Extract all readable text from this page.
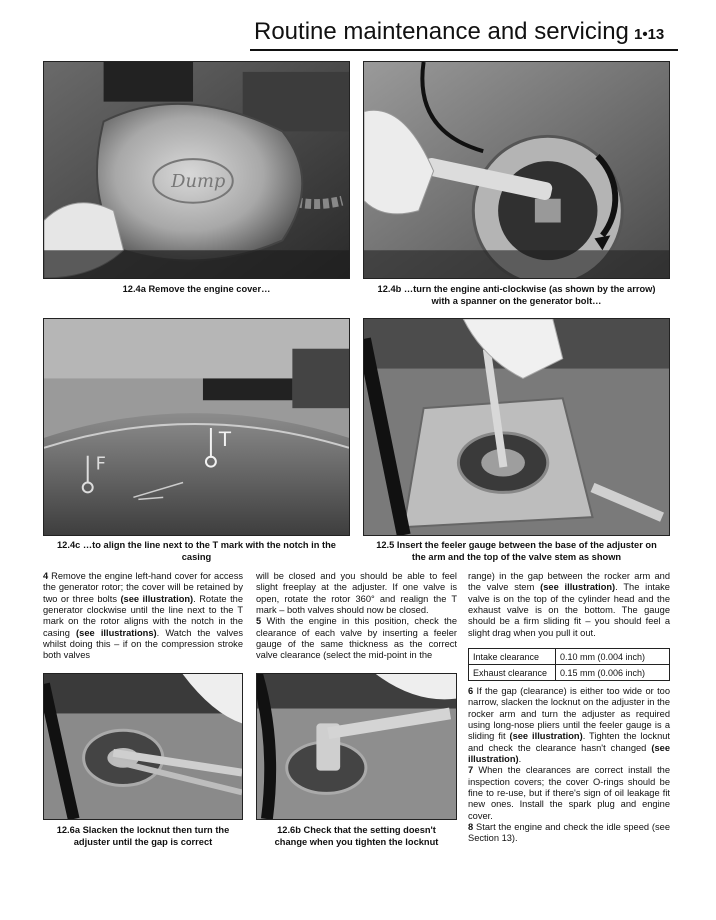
Routine maintenance and servicing 1•13
Dump
12.4a Remove the engine cover…	12.4b …turn the engine anti-clockwise (as shown by the arrow)
with a spanner on the generator bolt…
T
F
12.4c …to align the line next to the T mark with the notch in the
casing
12.5 Insert the feeler gauge between the base of the adjuster on
the arm and the top of the valve stem as shown

4 Remove the engine left-hand cover for access the generator rotor; the cover will be retained by two or three bolts (see illustration). Rotate the generator clockwise until the line next to the T mark on the rotor aligns with the notch in the casing (see illustrations). Watch the valves whilst doing this – if on the compression stroke both valves

will be closed and you should be able to feel slight freeplay at the adjuster. If one valve is open, rotate the rotor 360° and realign the T mark – both valves should now be closed.

5 With the engine in this position, check the clearance of each valve by inserting a feeler gauge of the same thickness as the correct valve clearance (select the mid-point in the

range) in the gap between the rocker arm and the valve stem (see illustration). The intake valve is on the top of the cylinder head and the exhaust valve is on the bottom. The gauge should be a firm sliding fit – you should feel a slight drag when you pull it out.

Intake clearance	0.10 mm (0.004 inch)
Exhaust clearance	0.15 mm (0.006 inch)

6 If the gap (clearance) is either too wide or too narrow, slacken the locknut on the adjuster in the rocker arm and turn the adjuster as required using long-nose pliers until the feeler gauge is a sliding fit (see illustration). Tighten the locknut and check the clearance hasn't changed (see illustration).

7 When the clearances are correct install the inspection covers; the cover O-rings should be fine to re-use, but if there's sign of oil leakage fit new ones. Install the spark plug and engine cover.

8 Start the engine and check the idle speed (see Section 13).

12.6a Slacken the locknut then turn the
adjuster until the gap is correct
12.6b Check that the setting doesn't
change when you tighten the locknut
